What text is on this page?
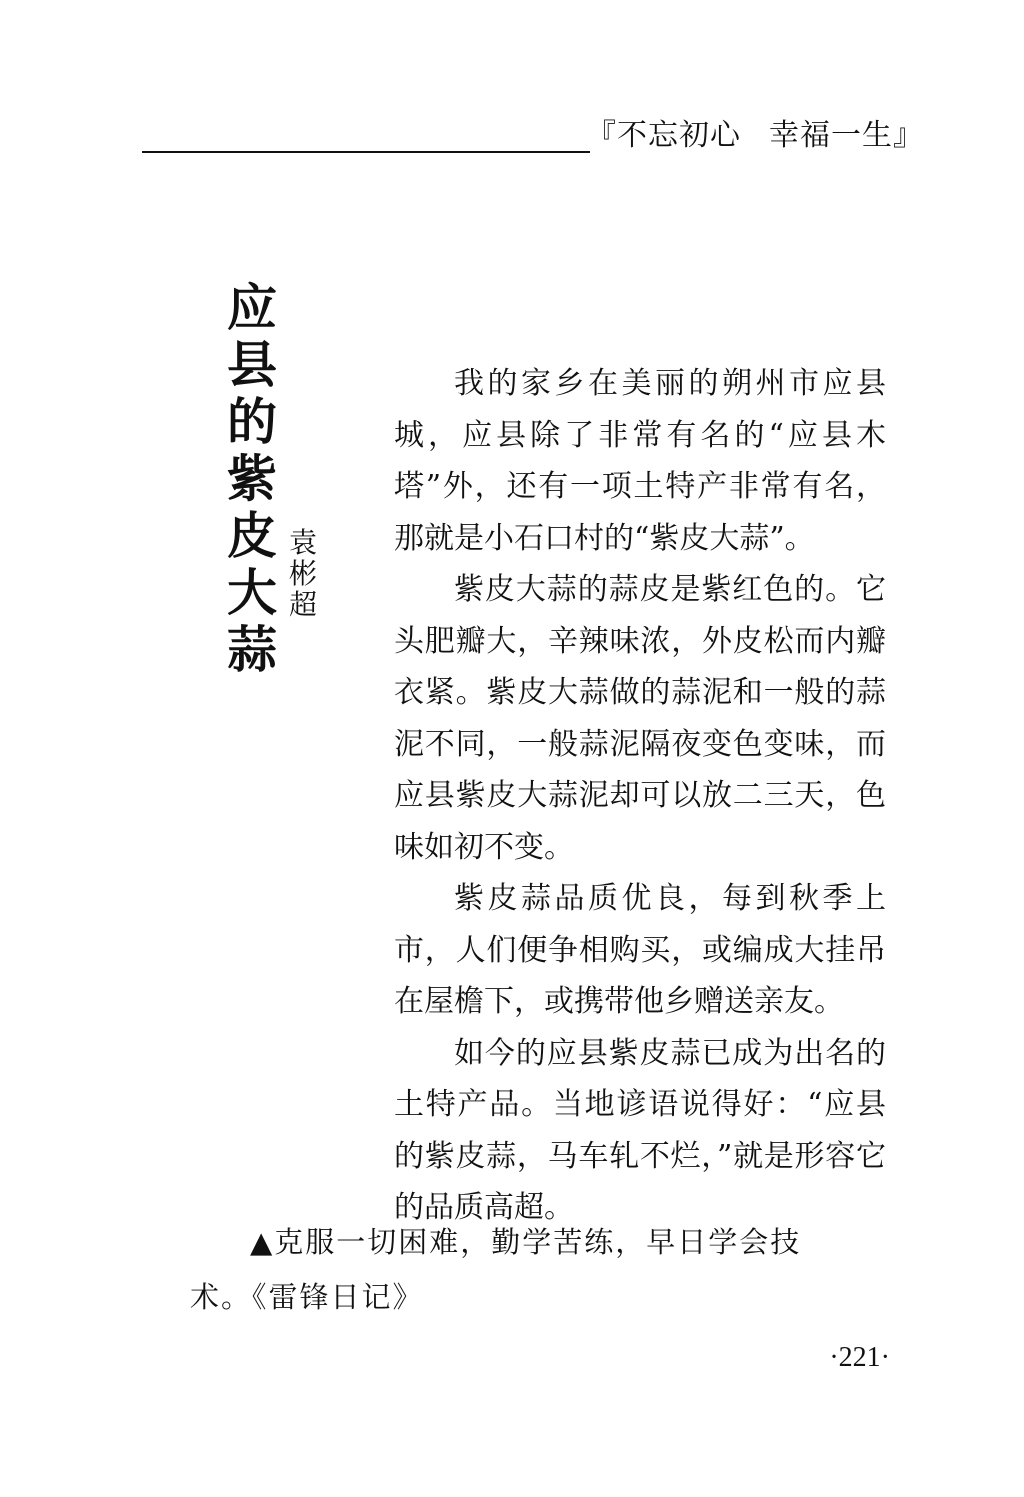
『不忘初心 幸福一生』
应县的紫皮大蒜
袁彬超

我的家乡在美丽的朔州市应县城，应县除了非常有名的“应县木塔”外，还有一项土特产非常有名，那就是小石口村的“紫皮大蒜”。

紫皮大蒜的蒜皮是紫红色的。它头肥瓣大，辛辣味浓，外皮松而内瓣衣紧。紫皮大蒜做的蒜泥和一般的蒜泥不同，一般蒜泥隔夜变色变味，而应县紫皮大蒜泥却可以放二三天，色味如初不变。

紫皮蒜品质优良，每到秋季上市，人们便争相购买，或编成大挂吊在屋檐下，或携带他乡赠送亲友。

如今的应县紫皮蒜已成为出名的土特产品。当地谚语说得好：“应县的紫皮蒜，马车轧不烂，”就是形容它的品质高超。

▲克服一切困难，勤学苦练，早日学会技
术。《雷锋日记》
·221·
